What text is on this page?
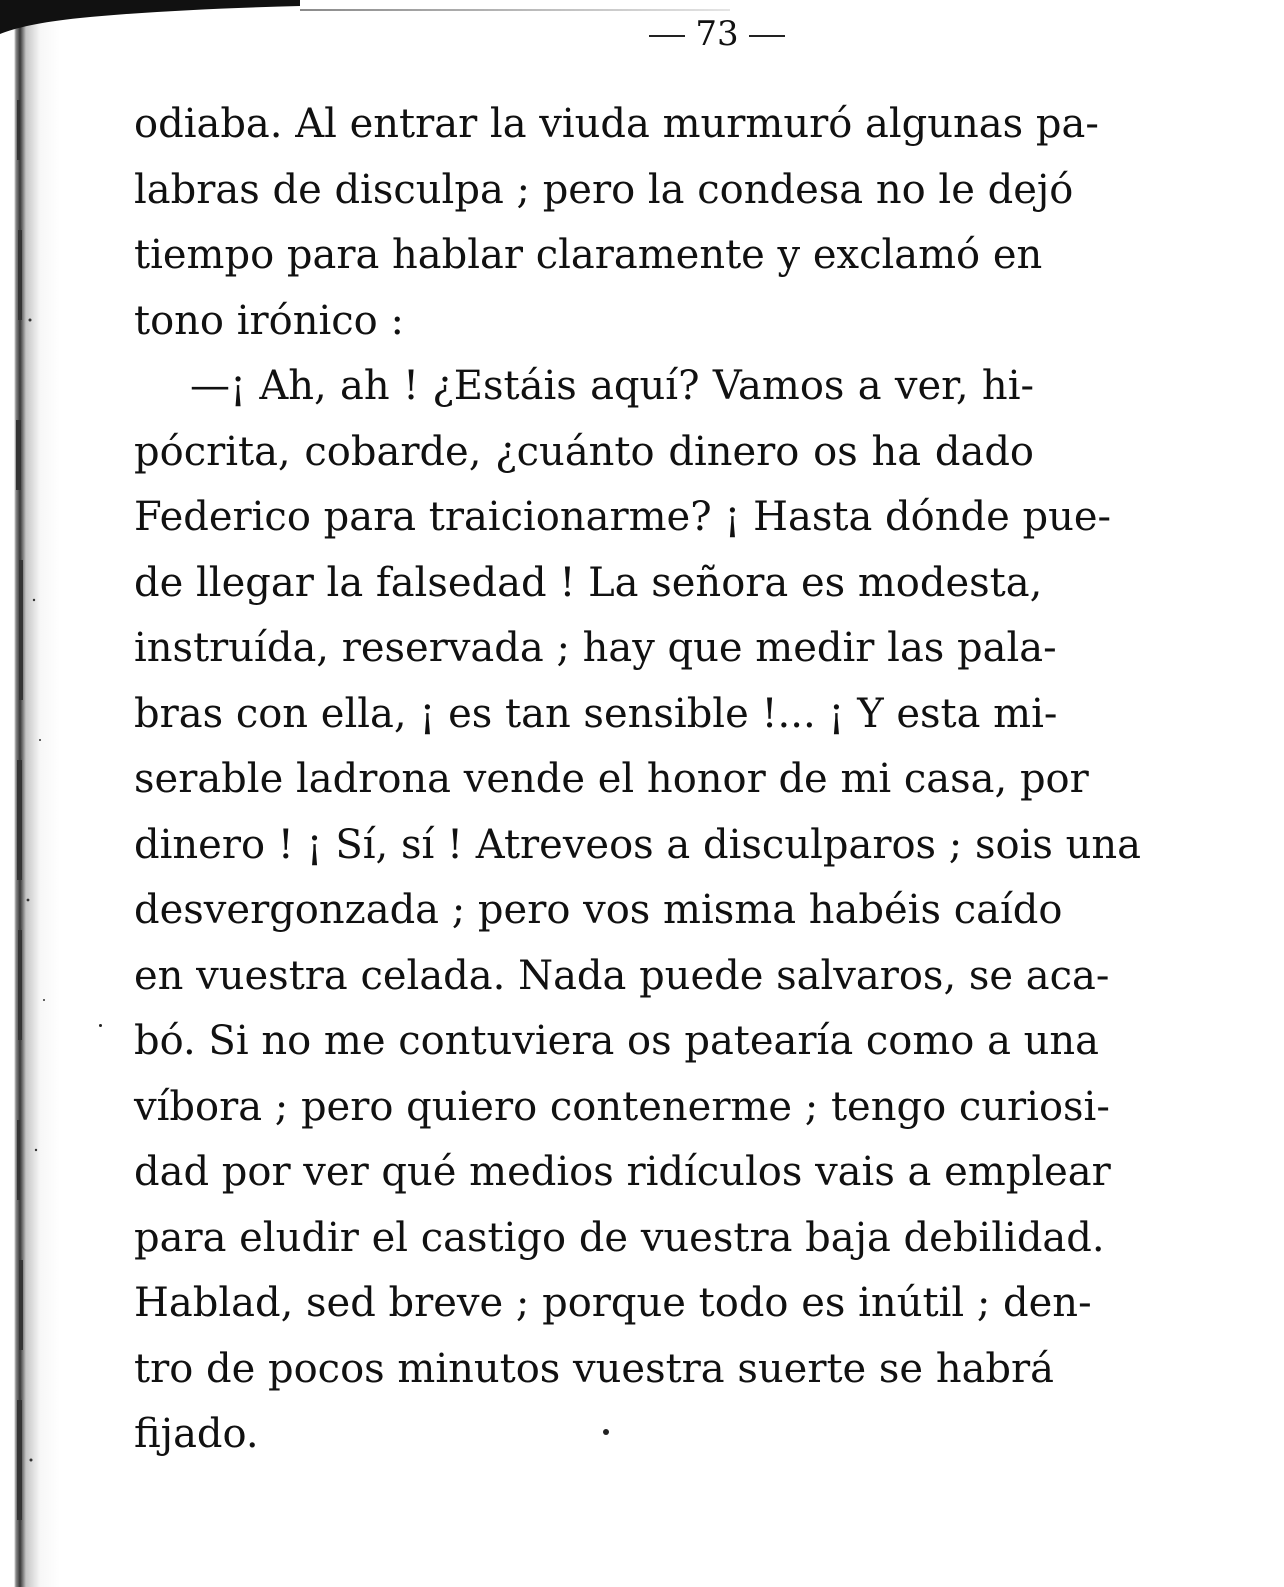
73
odiaba. Al entrar la viuda murmuró algunas pa-
labras de disculpa ; pero la condesa no le dejó
tiempo para hablar claramente y exclamó en
tono irónico :
—¡ Ah, ah ! ¿Estáis aquí? Vamos a ver, hi-
pócrita, cobarde, ¿cuánto dinero os ha dado
Federico para traicionarme? ¡ Hasta dónde pue-
de llegar la falsedad ! La señora es modesta,
instruída, reservada ; hay que medir las pala-
bras con ella, ¡ es tan sensible !... ¡ Y esta mi-
serable ladrona vende el honor de mi casa, por
dinero ! ¡ Sí, sí ! Atreveos a disculparos ; sois una
desvergonzada ; pero vos misma habéis caído
en vuestra celada. Nada puede salvaros, se aca-
bó. Si no me contuviera os patearía como a una
víbora ; pero quiero contenerme ; tengo curiosi-
dad por ver qué medios ridículos vais a emplear
para eludir el castigo de vuestra baja debilidad.
Hablad, sed breve ; porque todo es inútil ; den-
tro de pocos minutos vuestra suerte se habrá
fijado.
